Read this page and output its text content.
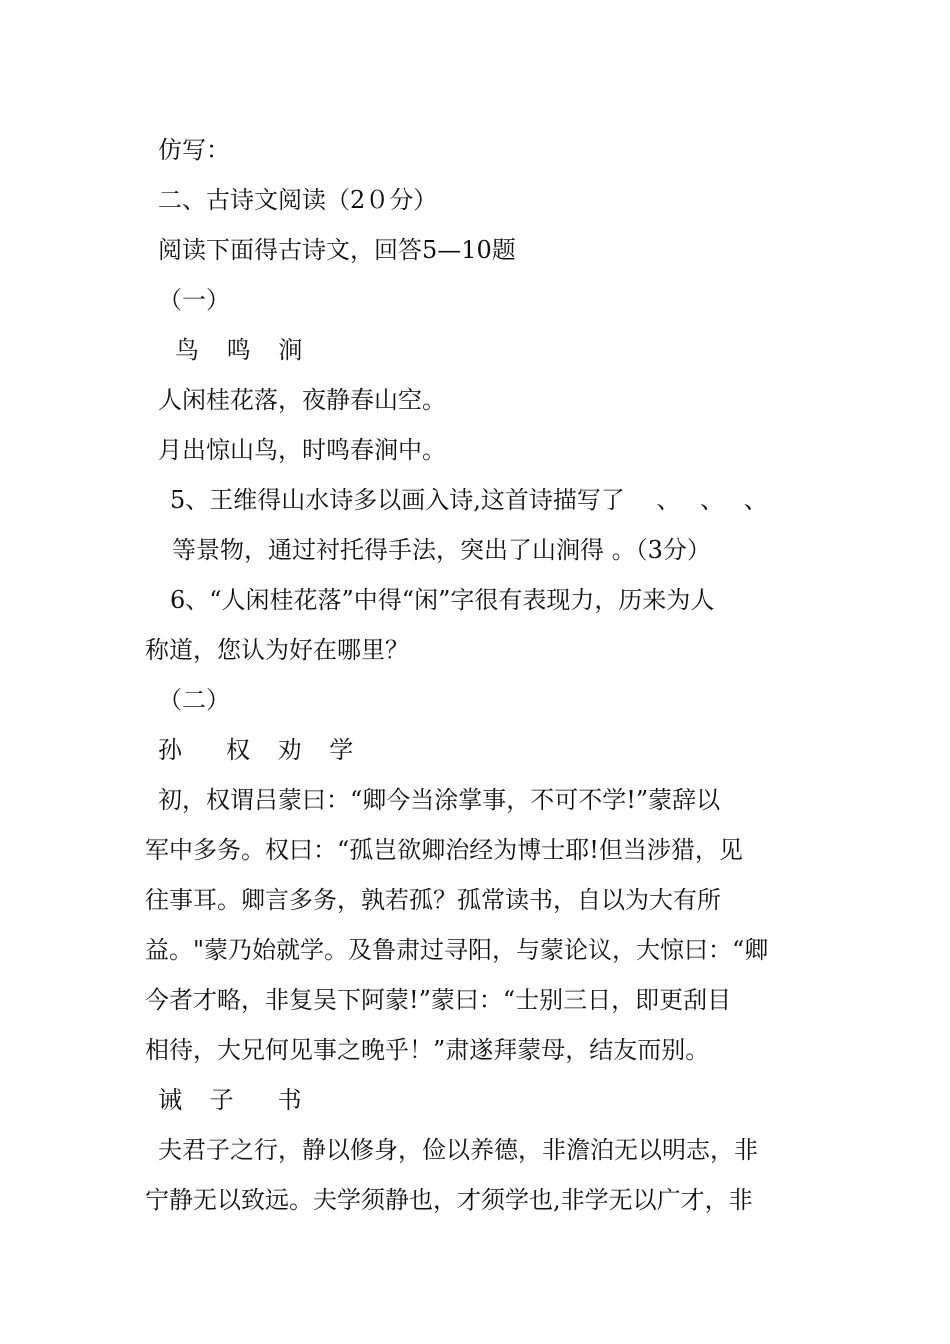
仿写：
二、古诗文阅读（2０分）
阅读下面得古诗文，回答5—10题
（一）
鸟 鸣 涧
人闲桂花落，夜静春山空。
月出惊山鸟，时鸣春涧中。
5、王维得山水诗多以画入诗,这首诗描写了　 、　 、　 、
等景物，通过衬托得手法，突出了山涧得 。（3分）
6、“人闲桂花落”中得“闲”字很有表现力，历来为人
称道，您认为好在哪里？
（二）
孙　权 劝 学
初，权谓吕蒙曰：“卿今当涂掌事，不可不学!”蒙辞以
军中多务。权曰：“孤岂欲卿治经为博士耶!但当涉猎，见
往事耳。卿言多务，孰若孤？孤常读书，自以为大有所
益。"蒙乃始就学。及鲁肃过寻阳，与蒙论议，大惊曰：“卿
今者才略，非复吴下阿蒙!”蒙曰：“士别三日，即更刮目
相待，大兄何见事之晚乎！”肃遂拜蒙母，结友而别。
诫 子　书
夫君子之行，静以修身，俭以养德，非澹泊无以明志，非
宁静无以致远。夫学须静也，才须学也,非学无以广才，非
